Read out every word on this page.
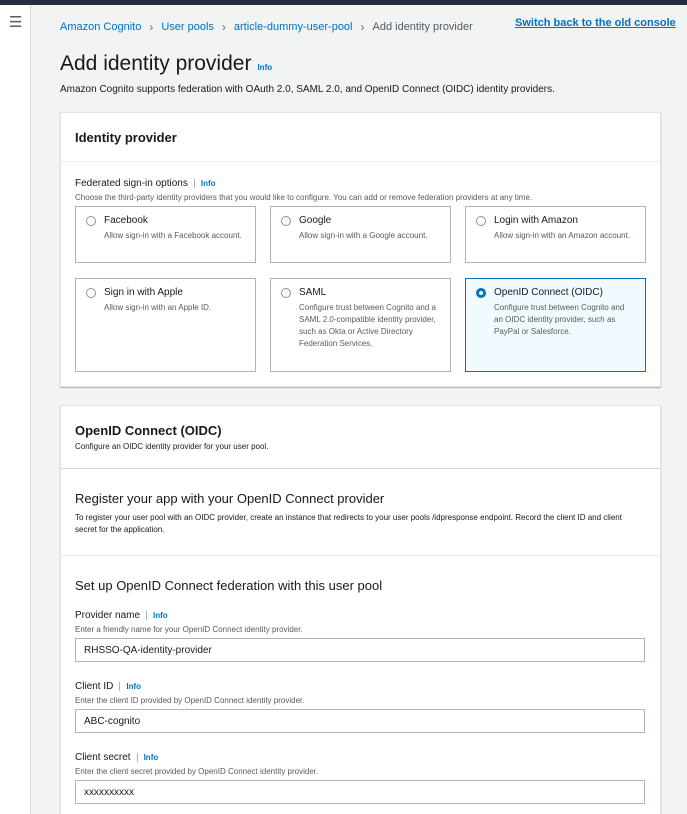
☰	Amazon Cognito › User pools › article-dummy-user-pool › Add identity provider	Switch back to the old console
Add identity provider Info

Amazon Cognito supports federation with OAuth 2.0, SAML 2.0, and OpenID Connect (OIDC) identity providers.

Identity provider
Federated sign-in options	Info
Choose the third-party identity providers that you would like to configure. You can add or remove federation providers at any time.
Facebook
Allow sign-in with a Facebook account.
Google
Allow sign-in with a Google account.
Login with Amazon
Allow sign-in with an Amazon account.
Sign in with Apple
Allow sign-in with an Apple ID.
SAML
Configure trust between Cognito and a SAML 2.0-compatible identity provider, such as Okta or Active Directory Federation Services.
OpenID Connect (OIDC)
Configure trust between Cognito and an OIDC identity provider, such as PayPal or Salesforce.
OpenID Connect (OIDC)
Configure an OIDC identity provider for your user pool.
Register your app with your OpenID Connect provider
To register your user pool with an OIDC provider, create an instance that redirects to your user pools /idpresponse endpoint. Record the client ID and client secret for the application.
Set up OpenID Connect federation with this user pool
Provider name	Info
Enter a friendly name for your OpenID Connect identity provider.
RHSSO-QA-identity-provider
Client ID	Info
Enter the client ID provided by OpenID Connect identity provider.
ABC-cognito
Client secret	Info
Enter the client secret provided by OpenID Connect identity provider.
xxxxxxxxxx
